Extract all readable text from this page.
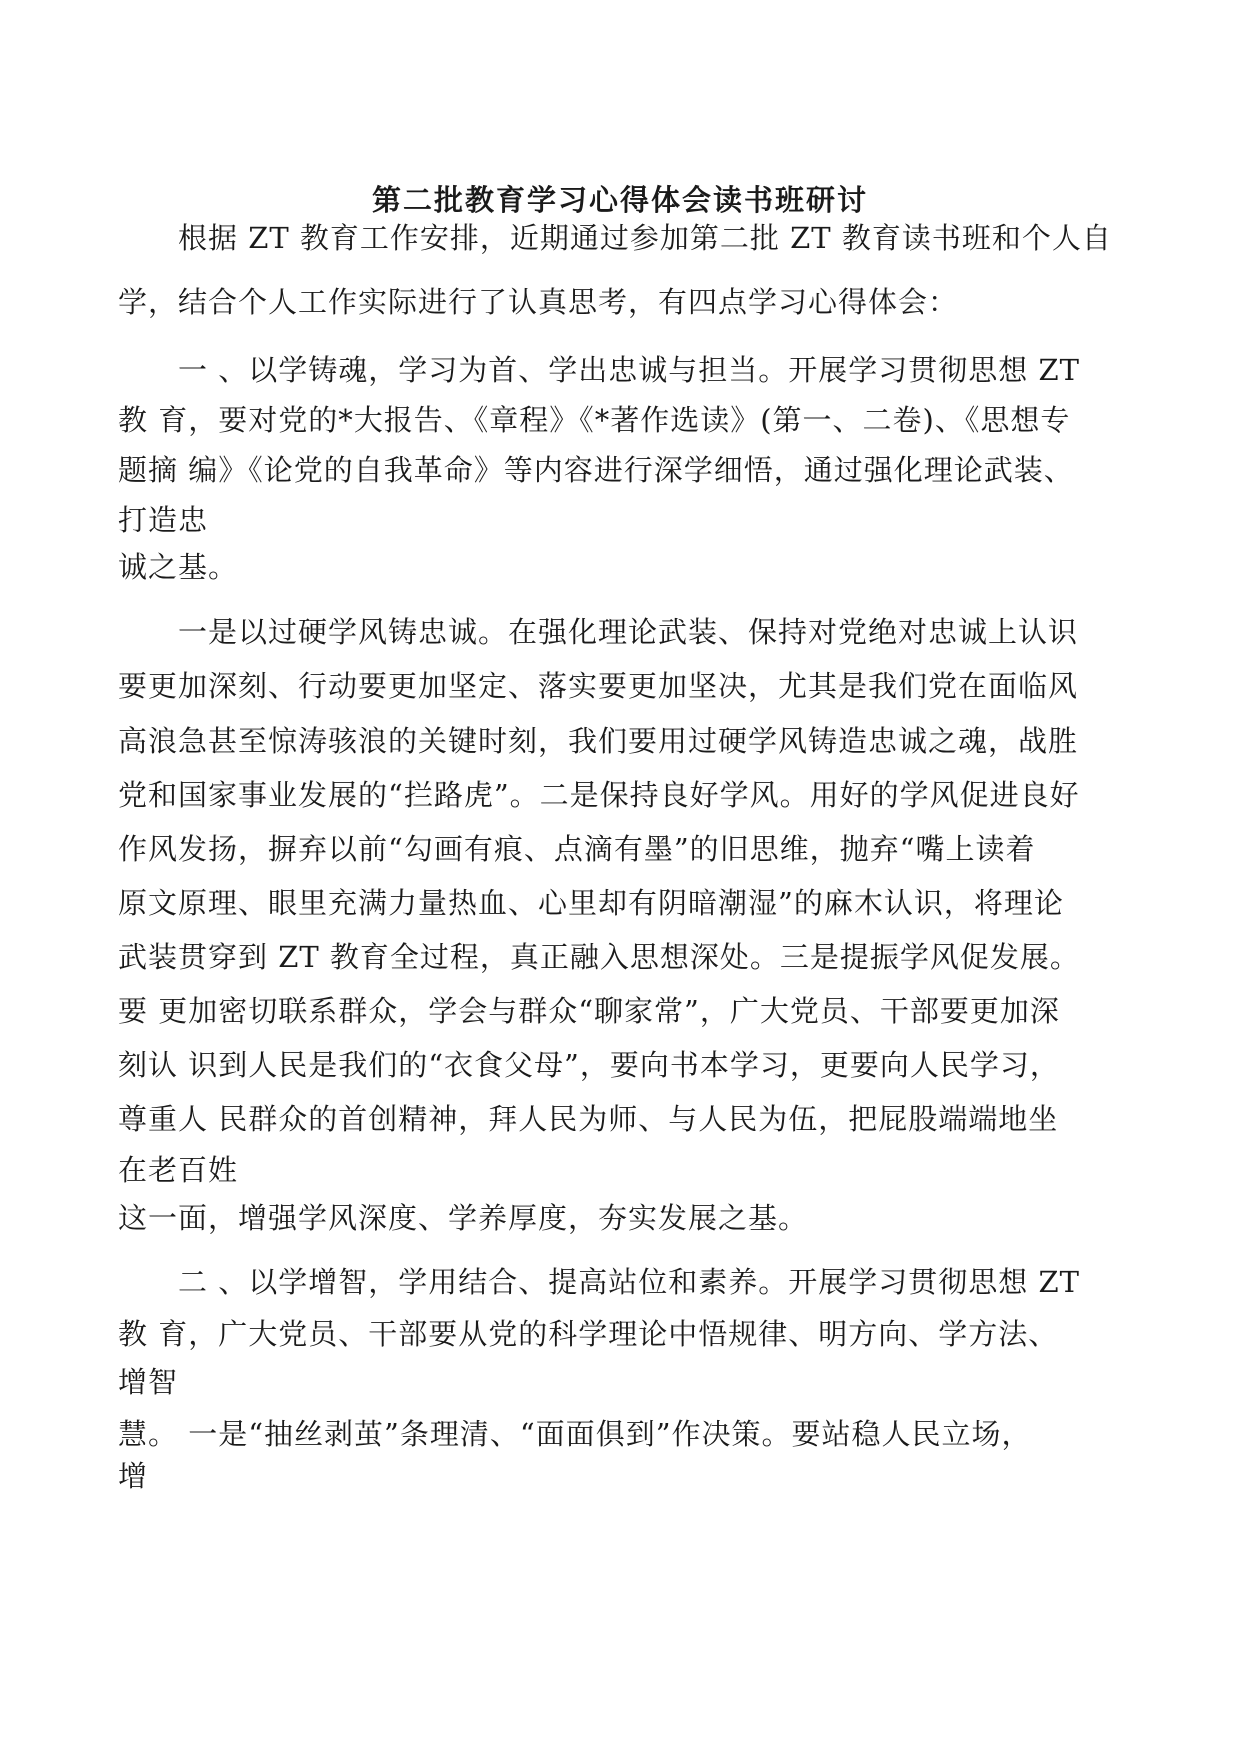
第二批教育学习心得体会读书班研讨
根据 ZT 教育工作安排，近期通过参加第二批 ZT 教育读书班和个人自
学，结合个人工作实际进行了认真思考，有四点学习心得体会：
一 、以学铸魂，学习为首、学出忠诚与担当。开展学习贯彻思想 ZT
教 育，要对党的*大报告、《章程》《*著作选读》(第一、二卷)、《思想专
题摘 编》《论党的自我革命》等内容进行深学细悟，通过强化理论武装、
打造忠
诚之基。
一是以过硬学风铸忠诚。在强化理论武装、保持对党绝对忠诚上认识
要更加深刻、行动要更加坚定、落实要更加坚决，尤其是我们党在面临风
高浪急甚至惊涛骇浪的关键时刻，我们要用过硬学风铸造忠诚之魂，战胜
党和国家事业发展的“拦路虎”。二是保持良好学风。用好的学风促进良好
作风发扬，摒弃以前“勾画有痕、点滴有墨”的旧思维，抛弃“嘴上读着
原文原理、眼里充满力量热血、心里却有阴暗潮湿”的麻木认识，将理论
武装贯穿到 ZT 教育全过程，真正融入思想深处。三是提振学风促发展。
要 更加密切联系群众，学会与群众“聊家常”，广大党员、干部要更加深
刻认 识到人民是我们的“衣食父母”，要向书本学习，更要向人民学习，
尊重人 民群众的首创精神，拜人民为师、与人民为伍，把屁股端端地坐
在老百姓
这一面，增强学风深度、学养厚度，夯实发展之基。
二 、以学增智，学用结合、提高站位和素养。开展学习贯彻思想 ZT
教 育，广大党员、干部要从党的科学理论中悟规律、明方向、学方法、
增智
慧。 一是“抽丝剥茧”条理清、“面面俱到”作决策。要站稳人民立场，
增
